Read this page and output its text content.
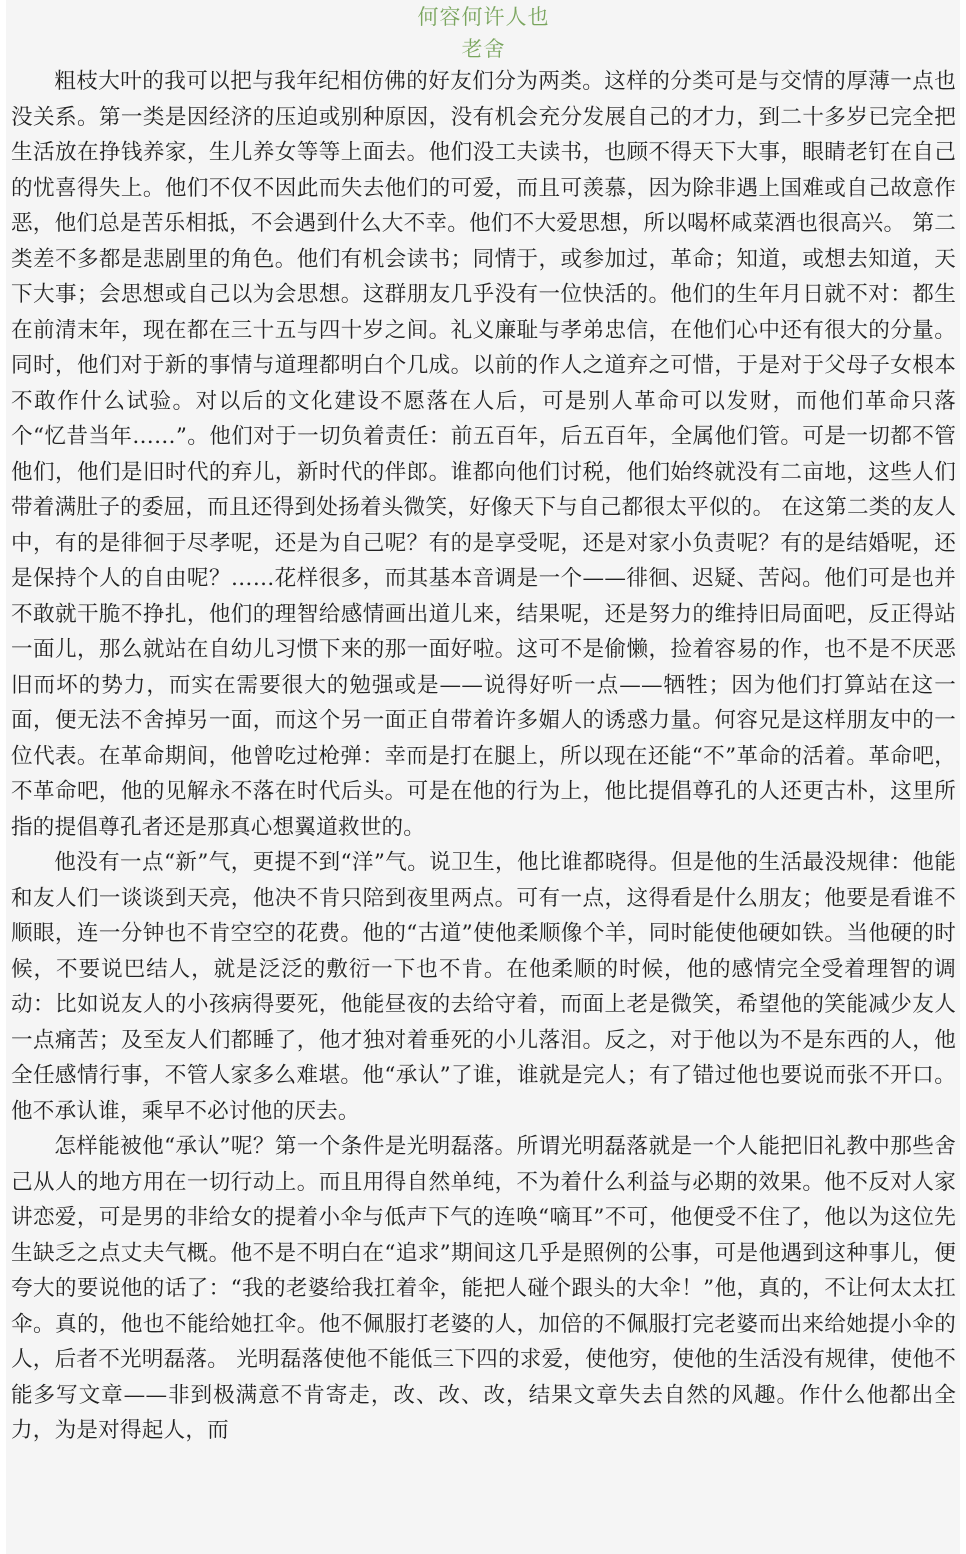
何容何许人也
老舍

粗枝大叶的我可以把与我年纪相仿佛的好友们分为两类。这样的分类可是与交情的厚薄一点也没关系。第一类是因经济的压迫或别种原因，没有机会充分发展自己的才力，到二十多岁已完全把生活放在挣钱养家，生儿养女等等上面去。他们没工夫读书，也顾不得天下大事，眼睛老钉在自己的忧喜得失上。他们不仅不因此而失去他们的可爱，而且可羡慕，因为除非遇上国难或自己故意作恶，他们总是苦乐相抵，不会遇到什么大不幸。他们不大爱思想，所以喝杯咸菜酒也很高兴。 第二类差不多都是悲剧里的角色。他们有机会读书；同情于，或参加过，革命；知道，或想去知道，天下大事；会思想或自己以为会思想。这群朋友几乎没有一位快活的。他们的生年月日就不对：都生在前清末年，现在都在三十五与四十岁之间。礼义廉耻与孝弟忠信，在他们心中还有很大的分量。同时，他们对于新的事情与道理都明白个几成。以前的作人之道弃之可惜，于是对于父母子女根本不敢作什么试验。对以后的文化建设不愿落在人后，可是别人革命可以发财，而他们革命只落个“忆昔当年……”。他们对于一切负着责任：前五百年，后五百年，全属他们管。可是一切都不管他们，他们是旧时代的弃儿，新时代的伴郎。谁都向他们讨税，他们始终就没有二亩地，这些人们带着满肚子的委屈，而且还得到处扬着头微笑，好像天下与自己都很太平似的。 在这第二类的友人中，有的是徘徊于尽孝呢，还是为自己呢？有的是享受呢，还是对家小负责呢？有的是结婚呢，还是保持个人的自由呢？……花样很多，而其基本音调是一个——徘徊、迟疑、苦闷。他们可是也并不敢就干脆不挣扎，他们的理智给感情画出道儿来，结果呢，还是努力的维持旧局面吧，反正得站一面儿，那么就站在自幼儿习惯下来的那一面好啦。这可不是偷懒，捡着容易的作，也不是不厌恶旧而坏的势力，而实在需要很大的勉强或是——说得好听一点——牺牲；因为他们打算站在这一面，便无法不舍掉另一面，而这个另一面正自带着许多媚人的诱惑力量。何容兄是这样朋友中的一位代表。在革命期间，他曾吃过枪弹：幸而是打在腿上，所以现在还能“不”革命的活着。革命吧，不革命吧，他的见解永不落在时代后头。可是在他的行为上，他比提倡尊孔的人还更古朴，这里所指的提倡尊孔者还是那真心想翼道救世的。

他没有一点“新”气，更提不到“洋”气。说卫生，他比谁都晓得。但是他的生活最没规律：他能和友人们一谈谈到天亮，他决不肯只陪到夜里两点。可有一点，这得看是什么朋友；他要是看谁不顺眼，连一分钟也不肯空空的花费。他的“古道”使他柔顺像个羊，同时能使他硬如铁。当他硬的时候，不要说巴结人，就是泛泛的敷衍一下也不肯。在他柔顺的时候，他的感情完全受着理智的调动：比如说友人的小孩病得要死，他能昼夜的去给守着，而面上老是微笑，希望他的笑能减少友人一点痛苦；及至友人们都睡了，他才独对着垂死的小儿落泪。反之，对于他以为不是东西的人，他全任感情行事，不管人家多么难堪。他“承认”了谁，谁就是完人；有了错过他也要说而张不开口。他不承认谁，乘早不必讨他的厌去。

怎样能被他“承认”呢？第一个条件是光明磊落。所谓光明磊落就是一个人能把旧礼教中那些舍己从人的地方用在一切行动上。而且用得自然单纯，不为着什么利益与必期的效果。他不反对人家讲恋爱，可是男的非给女的提着小伞与低声下气的连唤“嘀耳”不可，他便受不住了，他以为这位先生缺乏之点丈夫气概。他不是不明白在“追求”期间这几乎是照例的公事，可是他遇到这种事儿，便夸大的要说他的话了：“我的老婆给我扛着伞，能把人碰个跟头的大伞！”他，真的，不让何太太扛伞。真的，他也不能给她扛伞。他不佩服打老婆的人，加倍的不佩服打完老婆而出来给她提小伞的人，后者不光明磊落。 光明磊落使他不能低三下四的求爱，使他穷，使他的生活没有规律，使他不能多写文章——非到极满意不肯寄走，改、改、改，结果文章失去自然的风趣。作什么他都出全力，为是对得起人，而
